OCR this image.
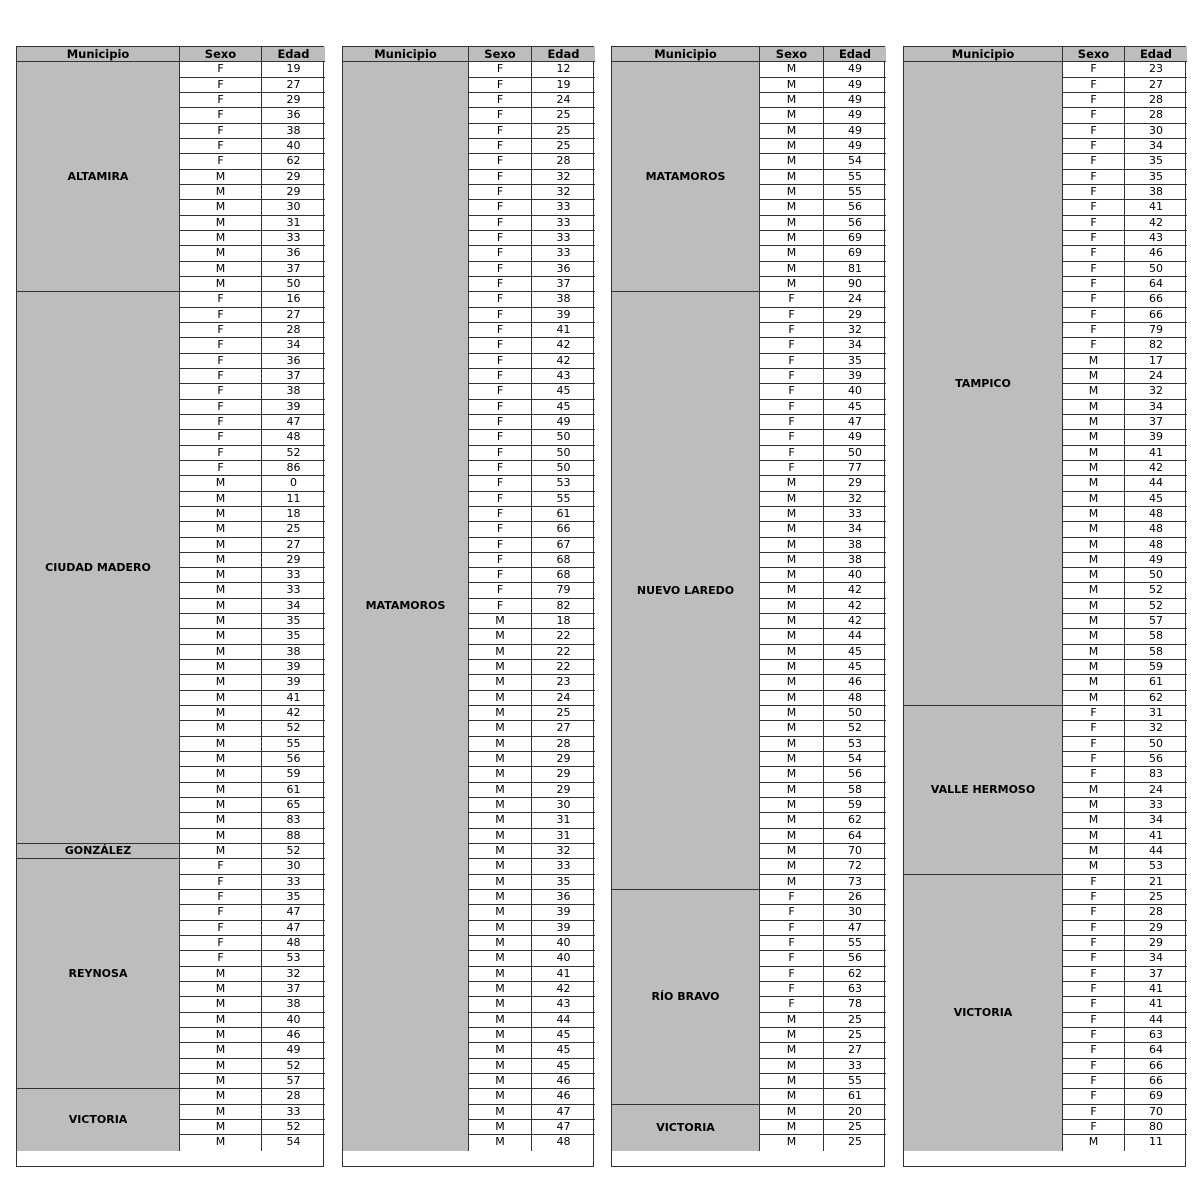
Municipio	Sexo	Edad
ALTAMIRA
F	19
F	27
F	29
F	36
F	38
F	40
F	62
M	29
M	29
M	30
M	31
M	33
M	36
M	37
M	50
CIUDAD MADERO
F	16
F	27
F	28
F	34
F	36
F	37
F	38
F	39
F	47
F	48
F	52
F	86
M	0
M	11
M	18
M	25
M	27
M	29
M	33
M	33
M	34
M	35
M	35
M	38
M	39
M	39
M	41
M	42
M	52
M	55
M	56
M	59
M	61
M	65
M	83
M	88
GONZÁLEZ	M	52
REYNOSA
F	30
F	33
F	35
F	47
F	47
F	48
F	53
M	32
M	37
M	38
M	40
M	46
M	49
M	52
M	57
VICTORIA
M	28
M	33
M	52
M	54
Municipio	Sexo	Edad
MATAMOROS
F	12
F	19
F	24
F	25
F	25
F	25
F	28
F	32
F	32
F	33
F	33
F	33
F	33
F	36
F	37
F	38
F	39
F	41
F	42
F	42
F	43
F	45
F	45
F	49
F	50
F	50
F	50
F	53
F	55
F	61
F	66
F	67
F	68
F	68
F	79
F	82
M	18
M	22
M	22
M	22
M	23
M	24
M	25
M	27
M	28
M	29
M	29
M	29
M	30
M	31
M	31
M	32
M	33
M	35
M	36
M	39
M	39
M	40
M	40
M	41
M	42
M	43
M	44
M	45
M	45
M	45
M	46
M	46
M	47
M	47
M	48
Municipio	Sexo	Edad
MATAMOROS
M	49
M	49
M	49
M	49
M	49
M	49
M	54
M	55
M	55
M	56
M	56
M	69
M	69
M	81
M	90
NUEVO LAREDO
F	24
F	29
F	32
F	34
F	35
F	39
F	40
F	45
F	47
F	49
F	50
F	77
M	29
M	32
M	33
M	34
M	38
M	38
M	40
M	42
M	42
M	42
M	44
M	45
M	45
M	46
M	48
M	50
M	52
M	53
M	54
M	56
M	58
M	59
M	62
M	64
M	70
M	72
M	73
RÍO BRAVO
F	26
F	30
F	47
F	55
F	56
F	62
F	63
F	78
M	25
M	25
M	27
M	33
M	55
M	61
VICTORIA
M	20
M	25
M	25
Municipio	Sexo	Edad
TAMPICO
F	23
F	27
F	28
F	28
F	30
F	34
F	35
F	35
F	38
F	41
F	42
F	43
F	46
F	50
F	64
F	66
F	66
F	79
F	82
M	17
M	24
M	32
M	34
M	37
M	39
M	41
M	42
M	44
M	45
M	48
M	48
M	48
M	49
M	50
M	52
M	52
M	57
M	58
M	58
M	59
M	61
M	62
VALLE HERMOSO
F	31
F	32
F	50
F	56
F	83
M	24
M	33
M	34
M	41
M	44
M	53
VICTORIA
F	21
F	25
F	28
F	29
F	29
F	34
F	37
F	41
F	41
F	44
F	63
F	64
F	66
F	66
F	69
F	70
F	80
M	11
